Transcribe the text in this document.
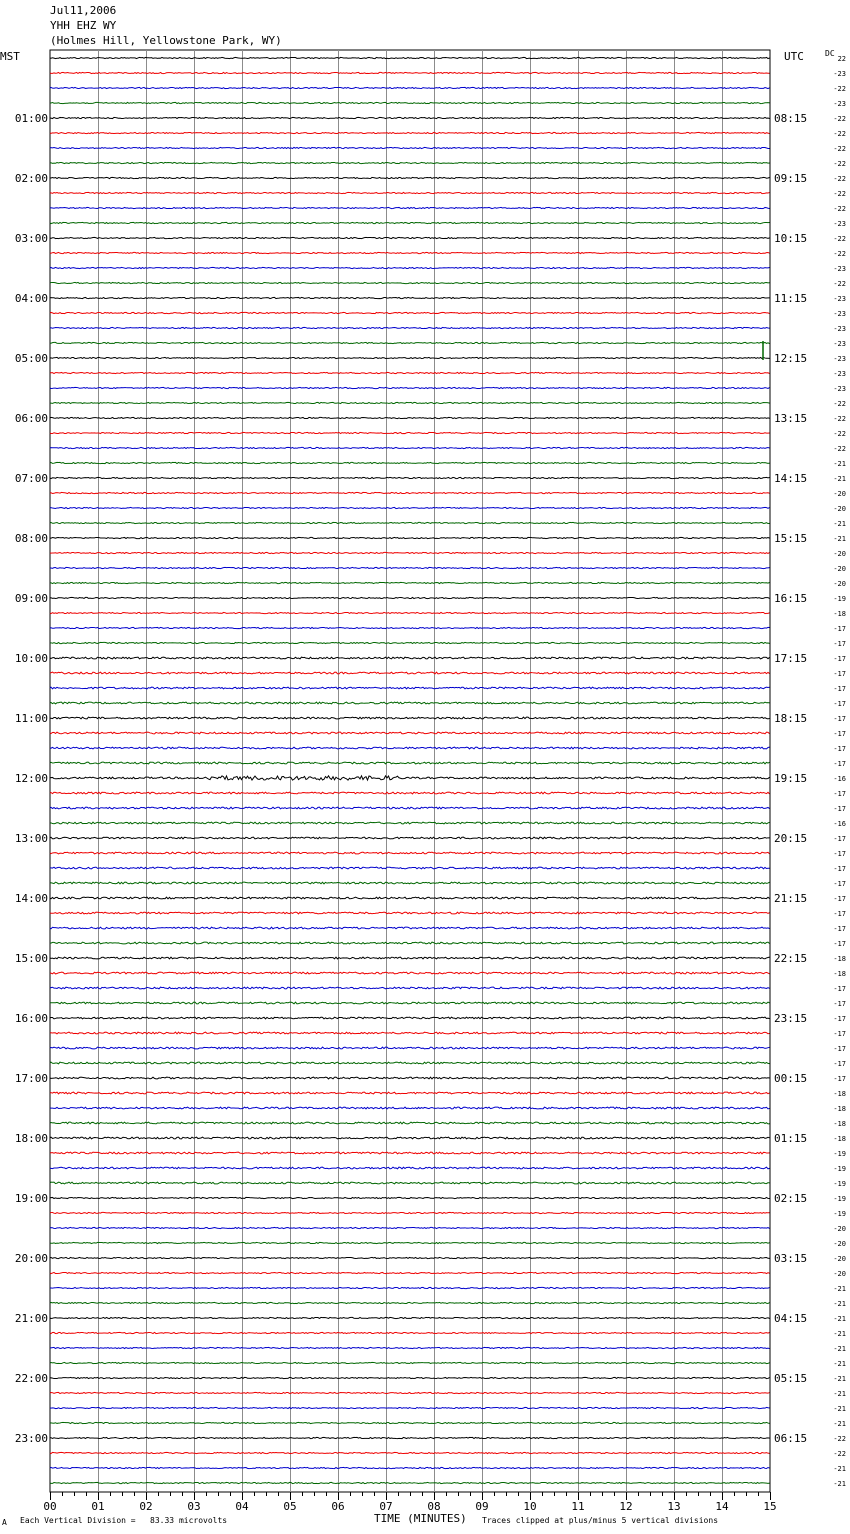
Jul11,2006
YHH EHZ WY
(Holmes Hill, Yellowstone Park, WY)
MST	UTC
01:00
02:00
03:00
04:00
05:00
06:00
07:00
08:00
09:00
10:00
11:00
12:00
13:00
14:00
15:00
16:00
17:00
18:00
19:00
20:00
21:00
22:00
23:00
08:15
09:15
10:15
11:15
12:15
13:15
14:15
15:15
16:15
17:15
18:15
19:15
20:15
21:15
22:15
23:15
00:15
01:15
02:15
03:15
04:15
05:15
06:15
DC
22
-23
-22
-23
-22
-22
-22
-22
-22
-22
-22
-23
-22
-22
-23
-22
-23
-23
-23
-23
-23
-23
-23
-22
-22
-22
-22
-21
-21
-20
-20
-21
-21
-20
-20
-20
-19
-18
-17
-17
-17
-17
-17
-17
-17
-17
-17
-17
-16
-17
-17
-16
-17
-17
-17
-17
-17
-17
-17
-17
-18
-18
-17
-17
-17
-17
-17
-17
-17
-18
-18
-18
-18
-19
-19
-19
-19
-19
-20
-20
-20
-20
-21
-21
-21
-21
-21
-21
-21
-21
-21
-21
-22
-22
-21
-21
00	01	02	03	04	05	06	07	08	09	10	11	12	13	14	15
A Each Vertical Division =   83.33 microvolts	TIME (MINUTES) Traces clipped at plus/minus 5 vertical divisions
